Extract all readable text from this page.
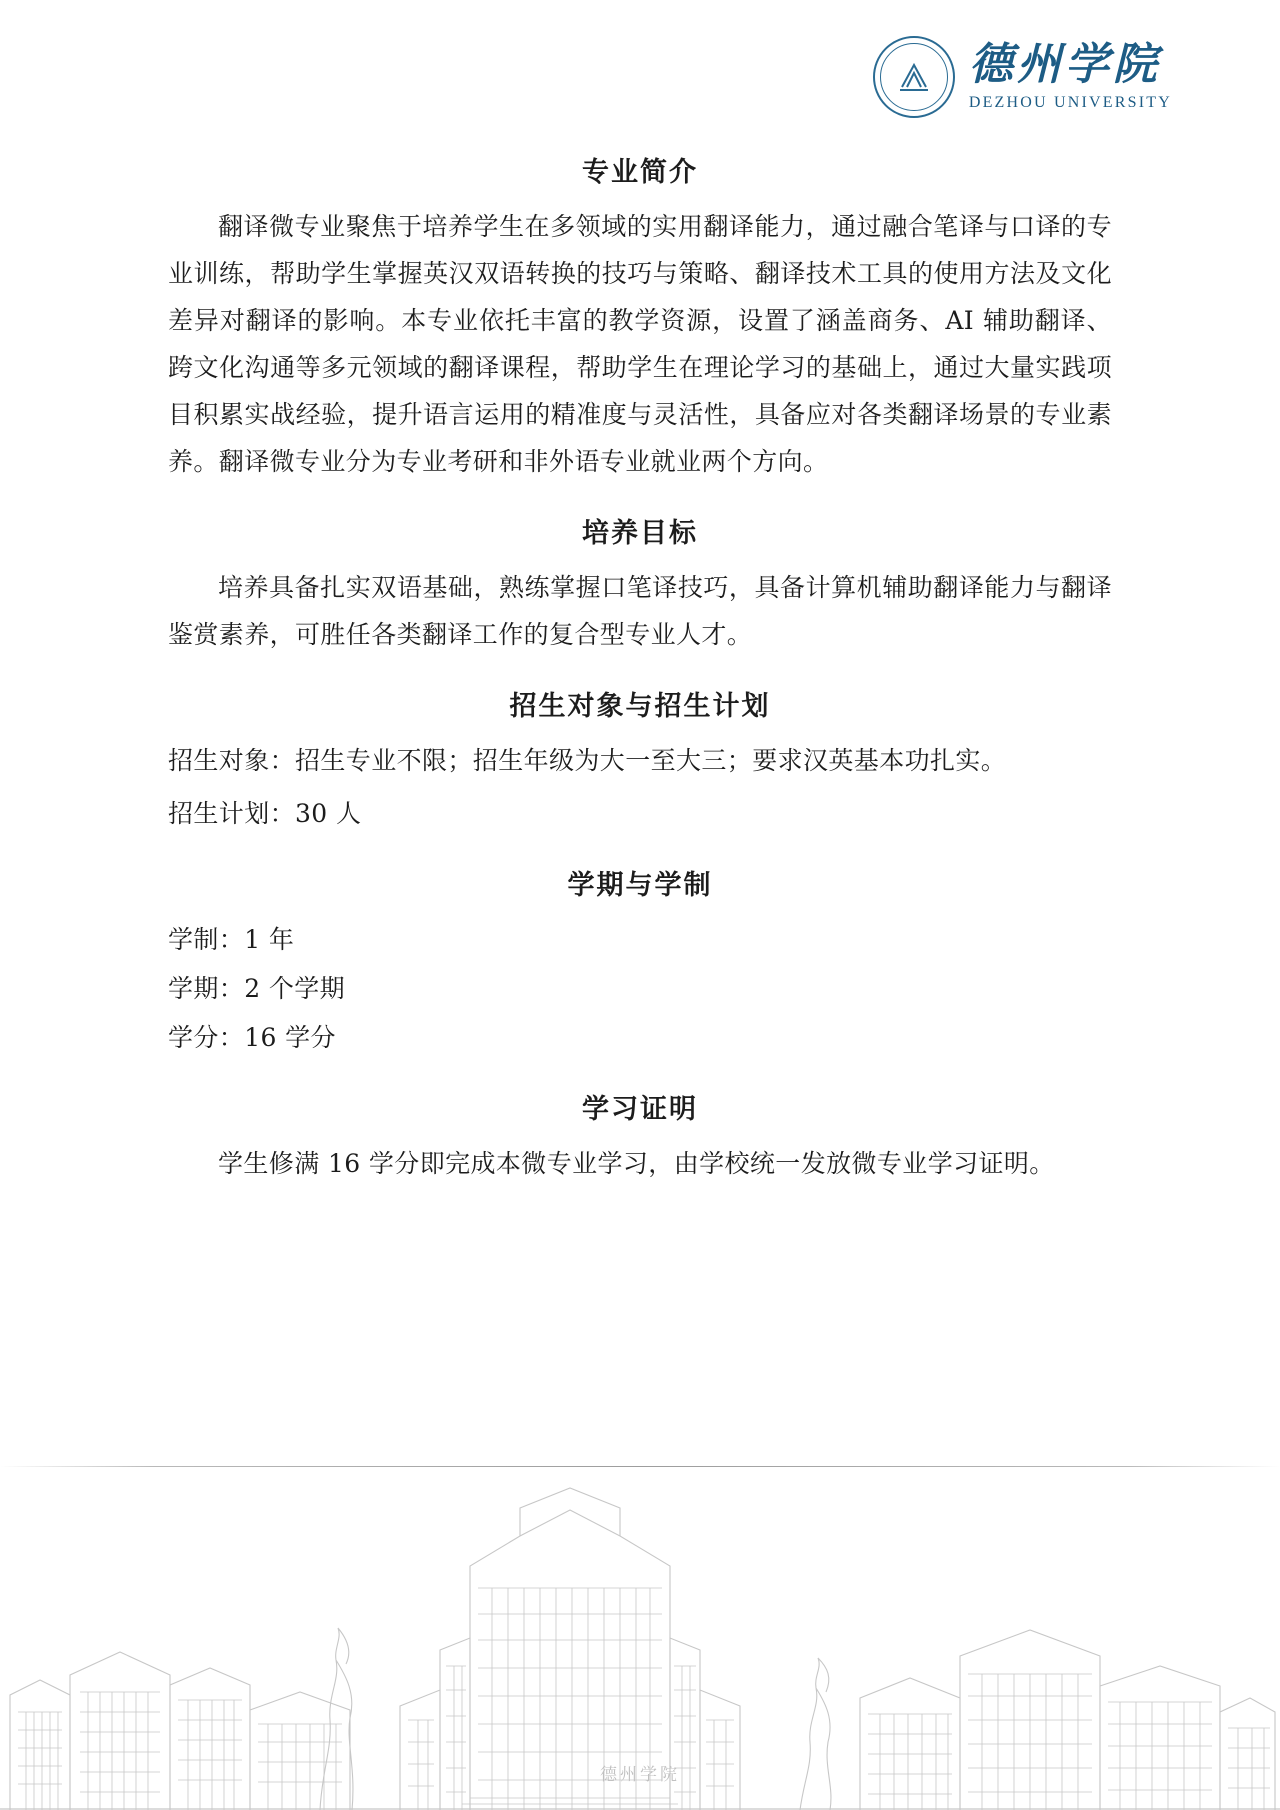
德州学院
DEZHOU UNIVERSITY
专业简介

翻译微专业聚焦于培养学生在多领域的实用翻译能力，通过融合笔译与口译的专业训练，帮助学生掌握英汉双语转换的技巧与策略、翻译技术工具的使用方法及文化差异对翻译的影响。本专业依托丰富的教学资源，设置了涵盖商务、AI 辅助翻译、跨文化沟通等多元领域的翻译课程，帮助学生在理论学习的基础上，通过大量实践项目积累实战经验，提升语言运用的精准度与灵活性，具备应对各类翻译场景的专业素养。翻译微专业分为专业考研和非外语专业就业两个方向。

培养目标

培养具备扎实双语基础，熟练掌握口笔译技巧，具备计算机辅助翻译能力与翻译鉴赏素养，可胜任各类翻译工作的复合型专业人才。

招生对象与招生计划

招生对象：招生专业不限；招生年级为大一至大三；要求汉英基本功扎实。

招生计划：30 人

学期与学制

学制：1 年

学期：2 个学期

学分：16 学分

学习证明

学生修满 16 学分即完成本微专业学习，由学校统一发放微专业学习证明。

德州学院
